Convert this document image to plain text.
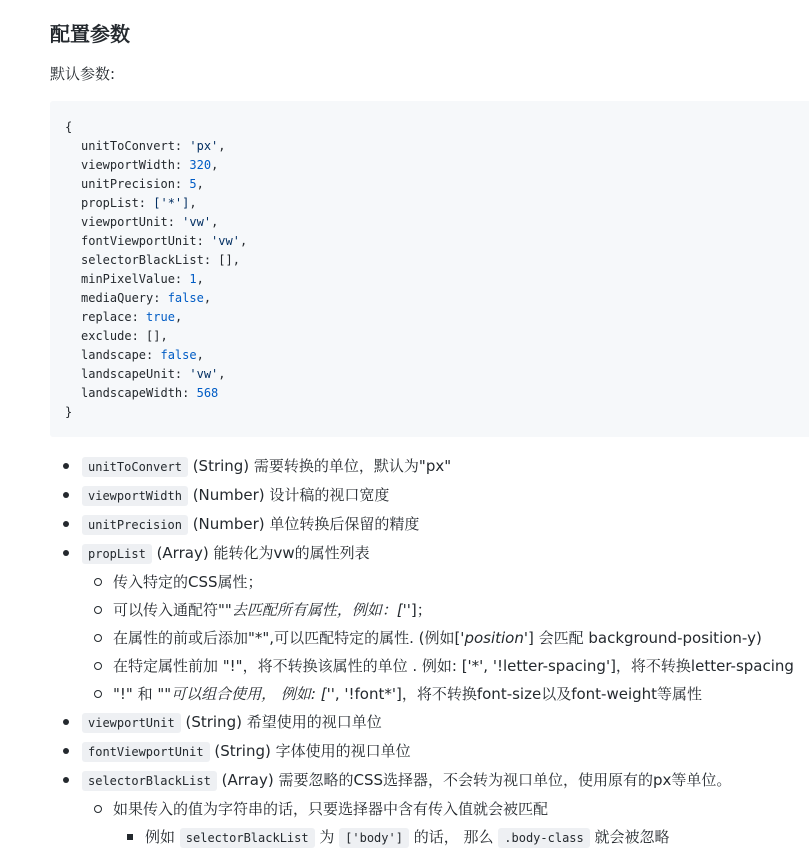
配置参数
默认参数:
{
unitToConvert: 'px',
viewportWidth: 320,
unitPrecision: 5,
propList: ['*'],
viewportUnit: 'vw',
fontViewportUnit: 'vw',
selectorBlackList: [],
minPixelValue: 1,
mediaQuery: false,
replace: true,
exclude: [],
landscape: false,
landscapeUnit: 'vw',
landscapeWidth: 568
}
unitToConvert (String) 需要转换的单位，默认为"px"
viewportWidth (Number) 设计稿的视口宽度
unitPrecision (Number) 单位转换后保留的精度
propList (Array) 能转化为vw的属性列表
传入特定的CSS属性；
可以传入通配符""去匹配所有属性，例如：['']；
在属性的前或后添加"*",可以匹配特定的属性. (例如['position'] 会匹配 background-position-y)
在特定属性前加 "!"，将不转换该属性的单位 . 例如: ['*', '!letter-spacing']，将不转换letter-spacing
"!" 和 ""可以组合使用， 例如: ['', '!font*']，将不转换font-size以及font-weight等属性
viewportUnit (String) 希望使用的视口单位
fontViewportUnit (String) 字体使用的视口单位
selectorBlackList (Array) 需要忽略的CSS选择器，不会转为视口单位，使用原有的px等单位。
如果传入的值为字符串的话，只要选择器中含有传入值就会被匹配
例如 selectorBlackList 为 ['body'] 的话， 那么 .body-class 就会被忽略
